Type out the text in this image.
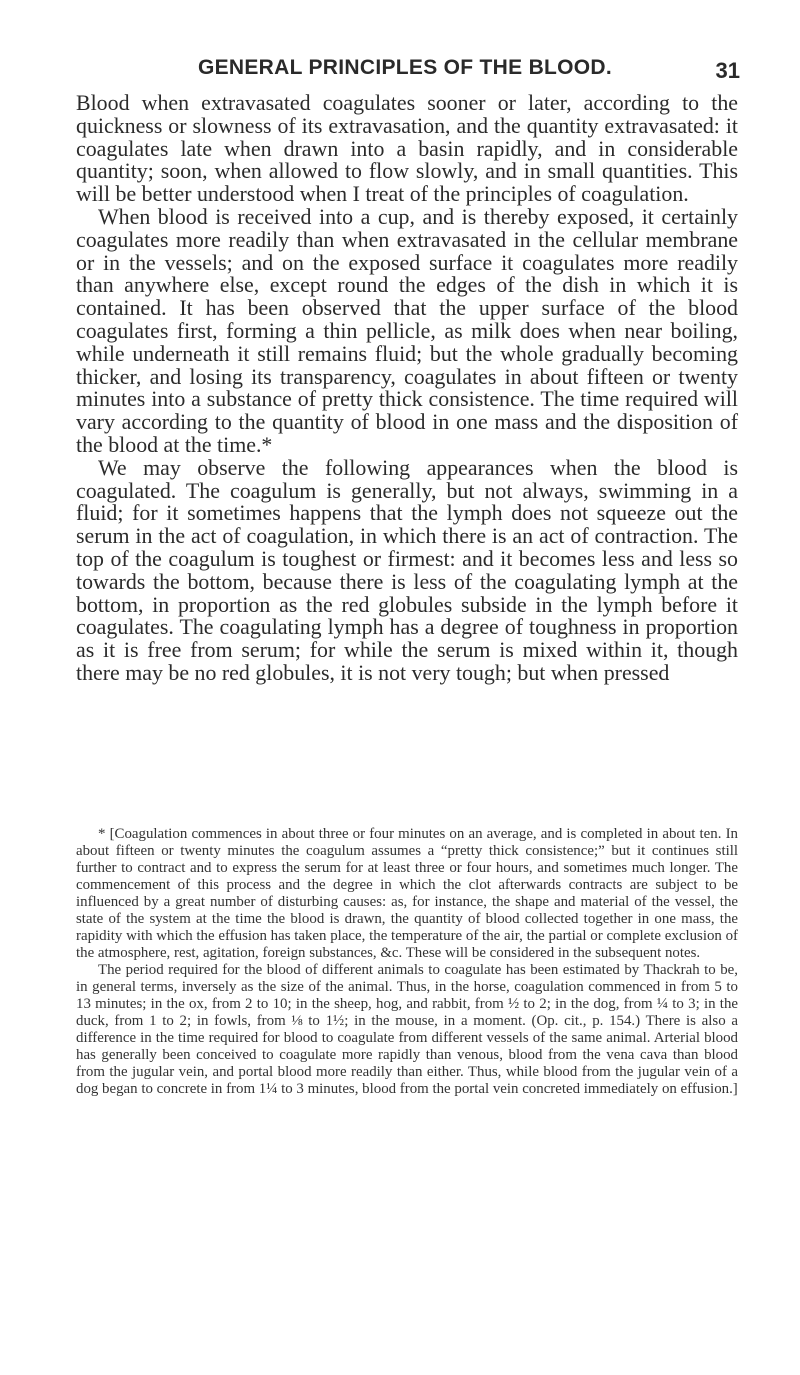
GENERAL PRINCIPLES OF THE BLOOD.	31

Blood when extravasated coagulates sooner or later, according to the quickness or slowness of its extravasation, and the quantity extravasated: it coagulates late when drawn into a basin rapidly, and in considerable quantity; soon, when allowed to flow slowly, and in small quantities. This will be better understood when I treat of the principles of coagulation.

When blood is received into a cup, and is thereby exposed, it certainly coagulates more readily than when extravasated in the cellular membrane or in the vessels; and on the exposed surface it coagulates more readily than anywhere else, except round the edges of the dish in which it is contained. It has been observed that the upper surface of the blood coagulates first, forming a thin pellicle, as milk does when near boiling, while underneath it still remains fluid; but the whole gradually becoming thicker, and losing its transparency, coagulates in about fifteen or twenty minutes into a substance of pretty thick consistence. The time required will vary according to the quantity of blood in one mass and the disposition of the blood at the time.*

We may observe the following appearances when the blood is coagulated. The coagulum is generally, but not always, swimming in a fluid; for it sometimes happens that the lymph does not squeeze out the serum in the act of coagulation, in which there is an act of contraction. The top of the coagulum is toughest or firmest: and it becomes less and less so towards the bottom, because there is less of the coagulating lymph at the bottom, in proportion as the red globules subside in the lymph before it coagulates. The coagulating lymph has a degree of toughness in proportion as it is free from serum; for while the serum is mixed within it, though there may be no red globules, it is not very tough; but when pressed

* [Coagulation commences in about three or four minutes on an average, and is completed in about ten. In about fifteen or twenty minutes the coagulum assumes a “pretty thick consistence;” but it continues still further to contract and to express the serum for at least three or four hours, and sometimes much longer. The commencement of this process and the degree in which the clot afterwards contracts are subject to be influenced by a great number of disturbing causes: as, for instance, the shape and material of the vessel, the state of the system at the time the blood is drawn, the quantity of blood collected together in one mass, the rapidity with which the effusion has taken place, the temperature of the air, the partial or complete exclusion of the atmosphere, rest, agitation, foreign substances, &c. These will be considered in the subsequent notes.

The period required for the blood of different animals to coagulate has been estimated by Thackrah to be, in general terms, inversely as the size of the animal. Thus, in the horse, coagulation commenced in from 5 to 13 minutes; in the ox, from 2 to 10; in the sheep, hog, and rabbit, from ½ to 2; in the dog, from ¼ to 3; in the duck, from 1 to 2; in fowls, from ⅛ to 1½; in the mouse, in a moment. (Op. cit., p. 154.) There is also a difference in the time required for blood to coagulate from different vessels of the same animal. Arterial blood has generally been conceived to coagulate more rapidly than venous, blood from the vena cava than blood from the jugular vein, and portal blood more readily than either. Thus, while blood from the jugular vein of a dog began to concrete in from 1¼ to 3 minutes, blood from the portal vein concreted immediately on effusion.]
